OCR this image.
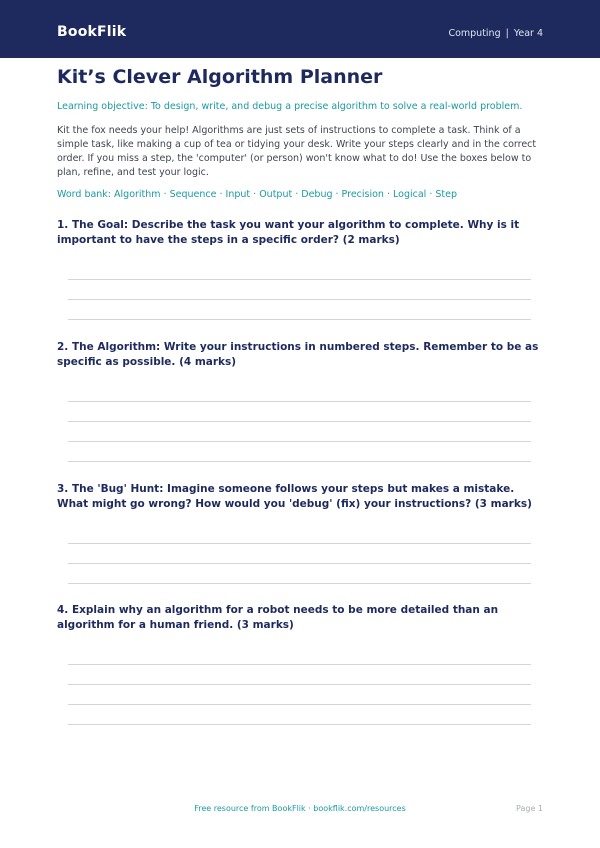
BookFlik	Computing | Year 4
Kit’s Clever Algorithm Planner
Learning objective: To design, write, and debug a precise algorithm to solve a real-world problem.
Kit the fox needs your help! Algorithms are just sets of instructions to complete a task. Think of a simple task, like making a cup of tea or tidying your desk. Write your steps clearly and in the correct order. If you miss a step, the 'computer' (or person) won't know what to do! Use the boxes below to plan, refine, and test your logic.
Word bank: Algorithm · Sequence · Input · Output · Debug · Precision · Logical · Step
1. The Goal: Describe the task you want your algorithm to complete. Why is it important to have the steps in a specific order? (2 marks)
2. The Algorithm: Write your instructions in numbered steps. Remember to be as specific as possible. (4 marks)
3. The 'Bug' Hunt: Imagine someone follows your steps but makes a mistake. What might go wrong? How would you 'debug' (fix) your instructions? (3 marks)
4. Explain why an algorithm for a robot needs to be more detailed than an algorithm for a human friend. (3 marks)
Free resource from BookFlik · bookflik.com/resources	Page 1
